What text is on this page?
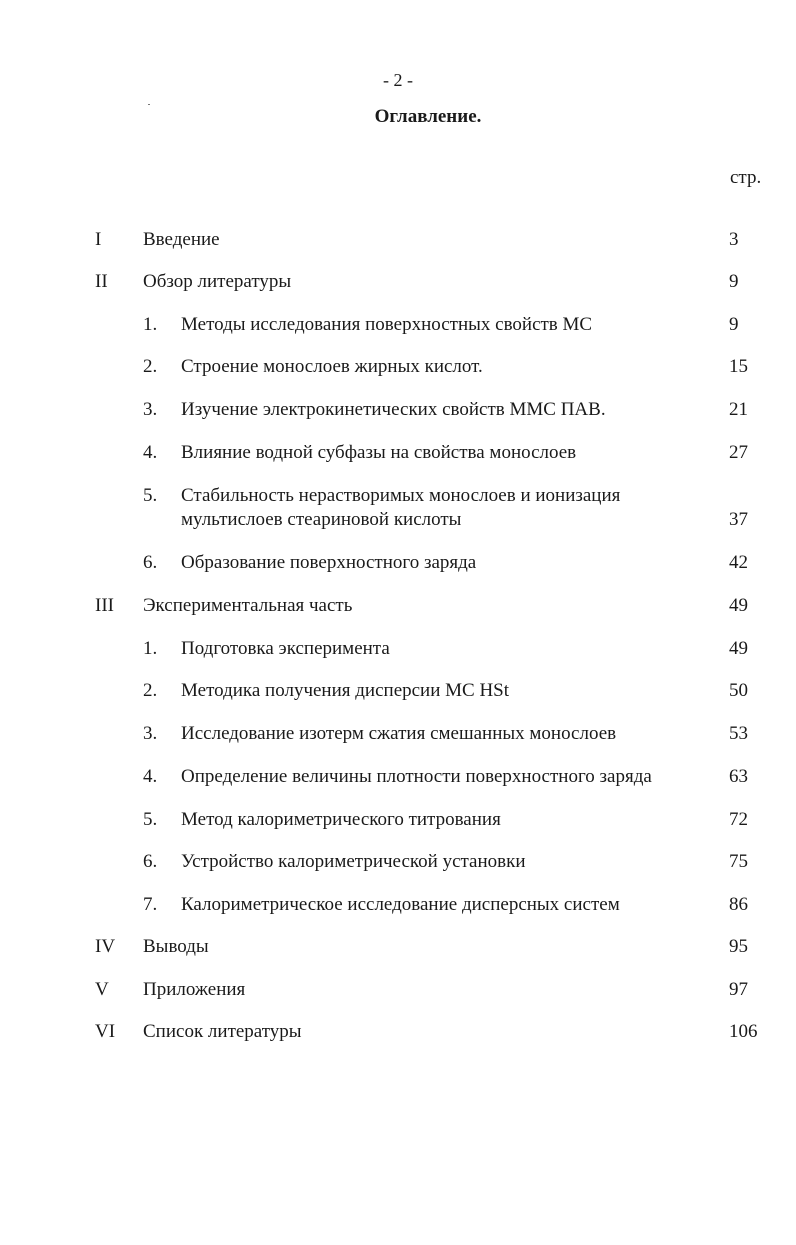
- 2 -
Оглавление.
стр.
I Введение	3
II Обзор литературы	9
1. Методы исследования поверхностных свойств МС	9
2. Строение монослоев жирных кислот.	15
3. Изучение электрокинетических свойств ММС ПАВ.	21
4. Влияние водной субфазы на свойства монослоев	27
5. Стабильность нерастворимых монослоев и ионизация
мультислоев стеариновой кислоты	37
6. Образование поверхностного заряда	42
III Экспериментальная часть	49
1. Подготовка эксперимента	49
2. Методика получения дисперсии МС HSt	50
3. Исследование изотерм сжатия смешанных монослоев	53
4. Определение величины плотности поверхностного заряда	63
5. Метод калориметрического титрования	72
6. Устройство калориметрической установки	75
7. Калориметрическое исследование дисперсных систем	86
IV Выводы	95
V Приложения	97
VI Список литературы	106
